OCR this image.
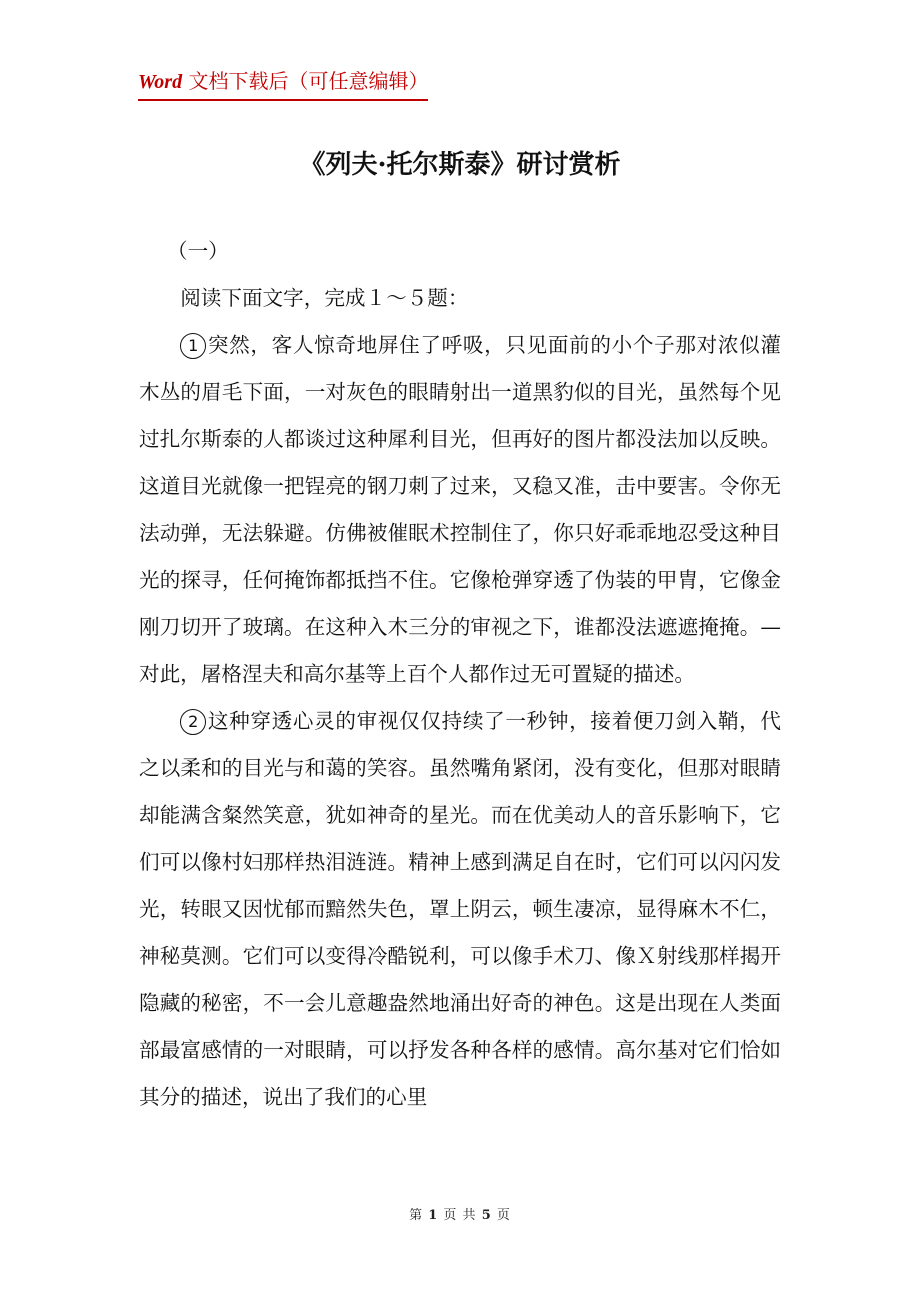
Word 文档下载后（可任意编辑）
《列夫·托尔斯泰》研讨赏析

（一）

阅读下面文字，完成１～５题：

1 突然，客人惊奇地屏住了呼吸，只见面前的小个子那对浓似灌木丛的眉毛下面，一对灰色的眼睛射出一道黑豹似的目光，虽然每个见过扎尔斯泰的人都谈过这种犀利目光，但再好的图片都没法加以反映。这道目光就像一把锃亮的钢刀刺了过来，又稳又准，击中要害。令你无法动弹，无法躲避。仿佛被催眠术控制住了，你只好乖乖地忍受这种目光的探寻，任何掩饰都抵挡不住。它像枪弹穿透了伪装的甲胄，它像金刚刀切开了玻璃。在这种入木三分的审视之下，谁都没法遮遮掩掩。—对此，屠格涅夫和高尔基等上百个人都作过无可置疑的描述。

2 这种穿透心灵的审视仅仅持续了一秒钟，接着便刀剑入鞘，代之以柔和的目光与和蔼的笑容。虽然嘴角紧闭，没有变化，但那对眼睛却能满含粲然笑意，犹如神奇的星光。而在优美动人的音乐影响下，它们可以像村妇那样热泪涟涟。精神上感到满足自在时，它们可以闪闪发光，转眼又因忧郁而黯然失色，罩上阴云，顿生凄凉，显得麻木不仁，神秘莫测。它们可以变得冷酷锐利，可以像手术刀、像Ｘ射线那样揭开隐藏的秘密，不一会儿意趣盎然地涌出好奇的神色。这是出现在人类面部最富感情的一对眼睛，可以抒发各种各样的感情。高尔基对它们恰如其分的描述，说出了我们的心里

第 1 页 共 5 页
